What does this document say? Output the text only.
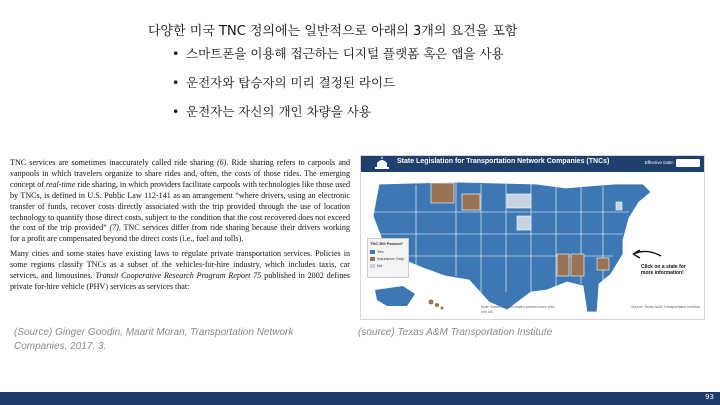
다양한 미국 TNC 정의에는 일반적으로 아래의 3개의 요건을 포함
• 스마트폰을 이용해 접근하는 디지털 플랫폼 혹은 앱을 사용
• 운전자와 탑승자의 미리 결정된 라이드
• 운전자는 자신의 개인 차량을 사용

TNC services are sometimes inaccurately called ride sharing (6). Ride sharing refers to carpools and vanpools in which travelers organize to share rides and, often, the costs of those rides. The emerging concept of real-time ride sharing, in which providers facilitate carpools with technologies like those used by TNCs, is defined in U.S. Public Law 112-141 as an arrangement “where drivers, using an electronic transfer of funds, recover costs directly associated with the trip provided through the use of location technology to quantify those direct costs, subject to the condition that the cost recovered does not exceed the cost of the trip provided” (7). TNC services differ from ride sharing because their drivers working for a profit are compensated beyond the direct costs (i.e., fuel and tolls).

Many cities and some states have existing laws to regulate private transportation services. Policies in some regions classify TNCs as a subset of the vehicles-for-hire industry, which includes taxis, car services, and limousines. Transit Cooperative Research Program Report 75 published in 2002 defines private for-hire vehicle (PHV) services as services that:

State Legislation for Transportation Network Companies (TNCs)	Effective Date:
TNC Bill Passed?
Yes
Insurance Only
No	Click on a state for more information!
Note: Darker-shaded states passed more than one bill.
Source: Texas A&M Transportation Institute
(Source) Ginger Goodin, Maarit Moran, Transportation Network Companies, 2017. 3.
(source) Texas A&M Transportation Institute
93
